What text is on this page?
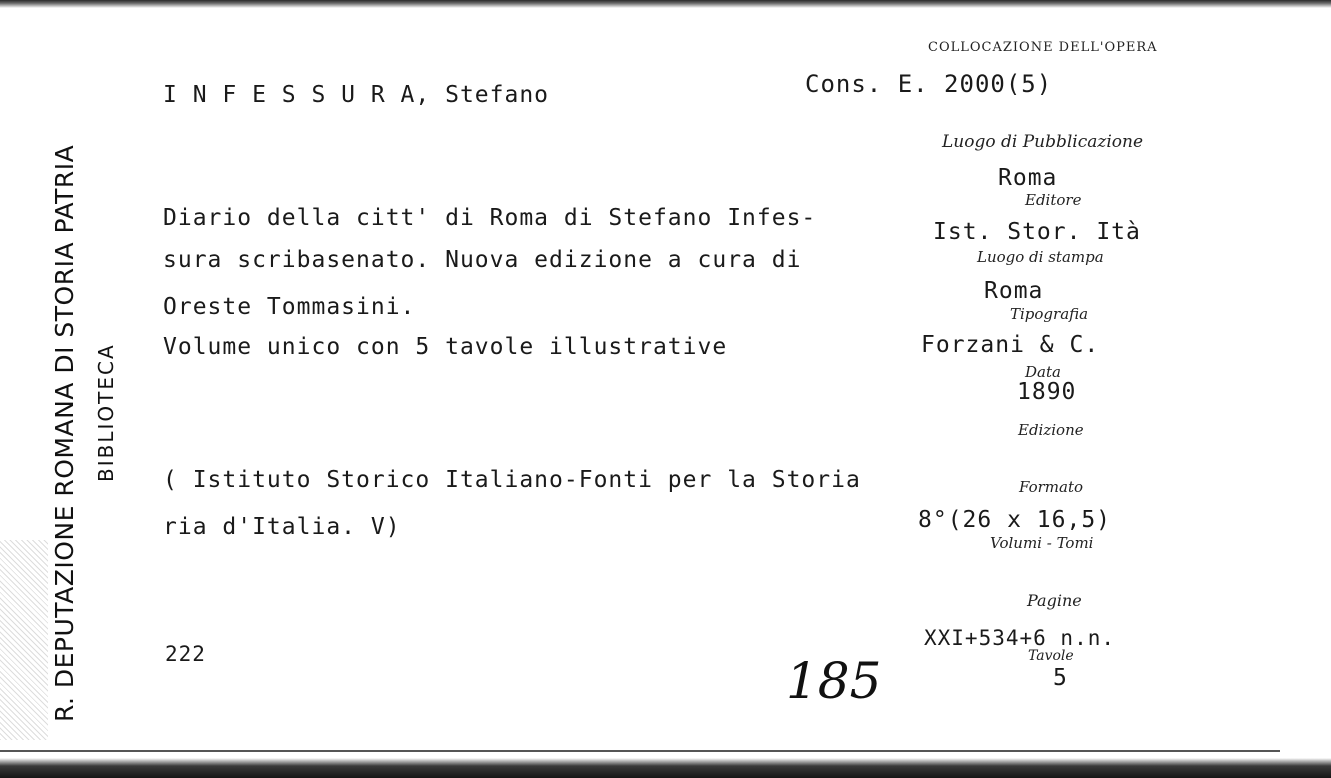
R. DEPUTAZIONE ROMANA DI STORIA PATRIA BIBLIOTECA
COLLOCAZIONE DELL'OPERA
Cons. E. 2000(5)
I N F E S S U R A, Stefano
Diario della citt' di Roma di Stefano Infes-
sura scribasenato. Nuova edizione a cura di
Oreste Tommasini.
Volume unico con 5 tavole illustrative
( Istituto Storico Italiano-Fonti per la Storia
ria d'Italia. V)
222	185
Luogo di Pubblicazione
Roma
Editore
Ist. Stor. Ità
Luogo di stampa
Roma
Tipografia
Forzani & C.
Data
1890
Edizione
Formato
8°(26 x 16,5)
Volumi - Tomi
Pagine
XXI+534+6 n.n.
Tavole
5
